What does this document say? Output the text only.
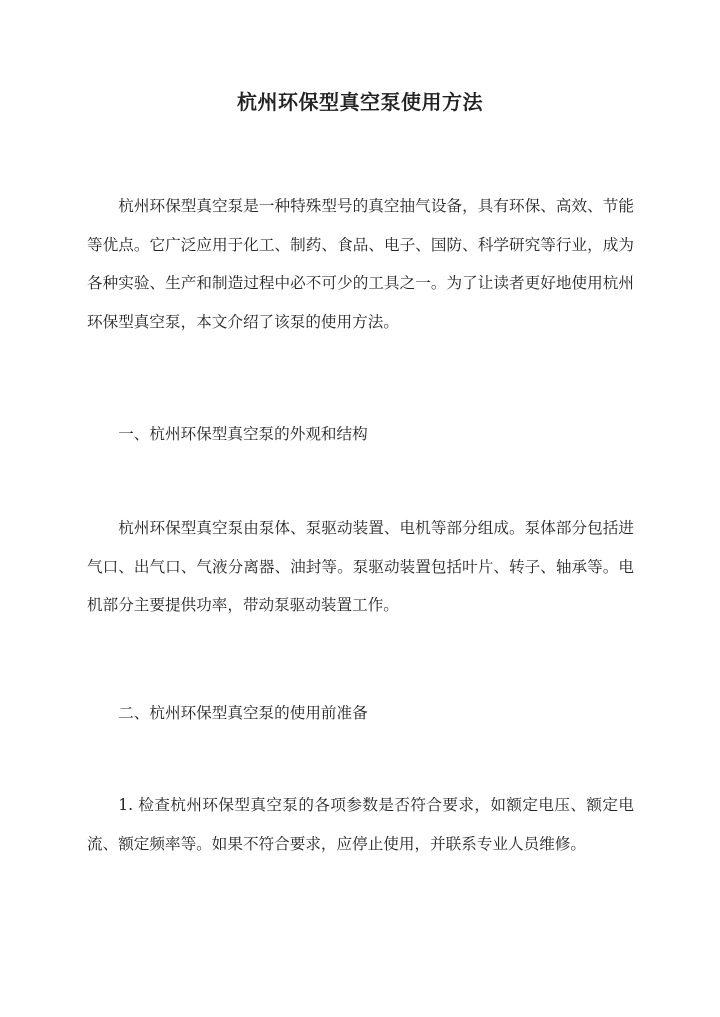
杭州环保型真空泵使用方法
杭州环保型真空泵是一种特殊型号的真空抽气设备，具有环保、高效、节能等优点。它广泛应用于化工、制药、食品、电子、国防、科学研究等行业，成为各种实验、生产和制造过程中必不可少的工具之一。为了让读者更好地使用杭州环保型真空泵，本文介绍了该泵的使用方法。
一、杭州环保型真空泵的外观和结构
杭州环保型真空泵由泵体、泵驱动装置、电机等部分组成。泵体部分包括进气口、出气口、气液分离器、油封等。泵驱动装置包括叶片、转子、轴承等。电机部分主要提供功率，带动泵驱动装置工作。
二、杭州环保型真空泵的使用前准备
1. 检查杭州环保型真空泵的各项参数是否符合要求，如额定电压、额定电流、额定频率等。如果不符合要求，应停止使用，并联系专业人员维修。
